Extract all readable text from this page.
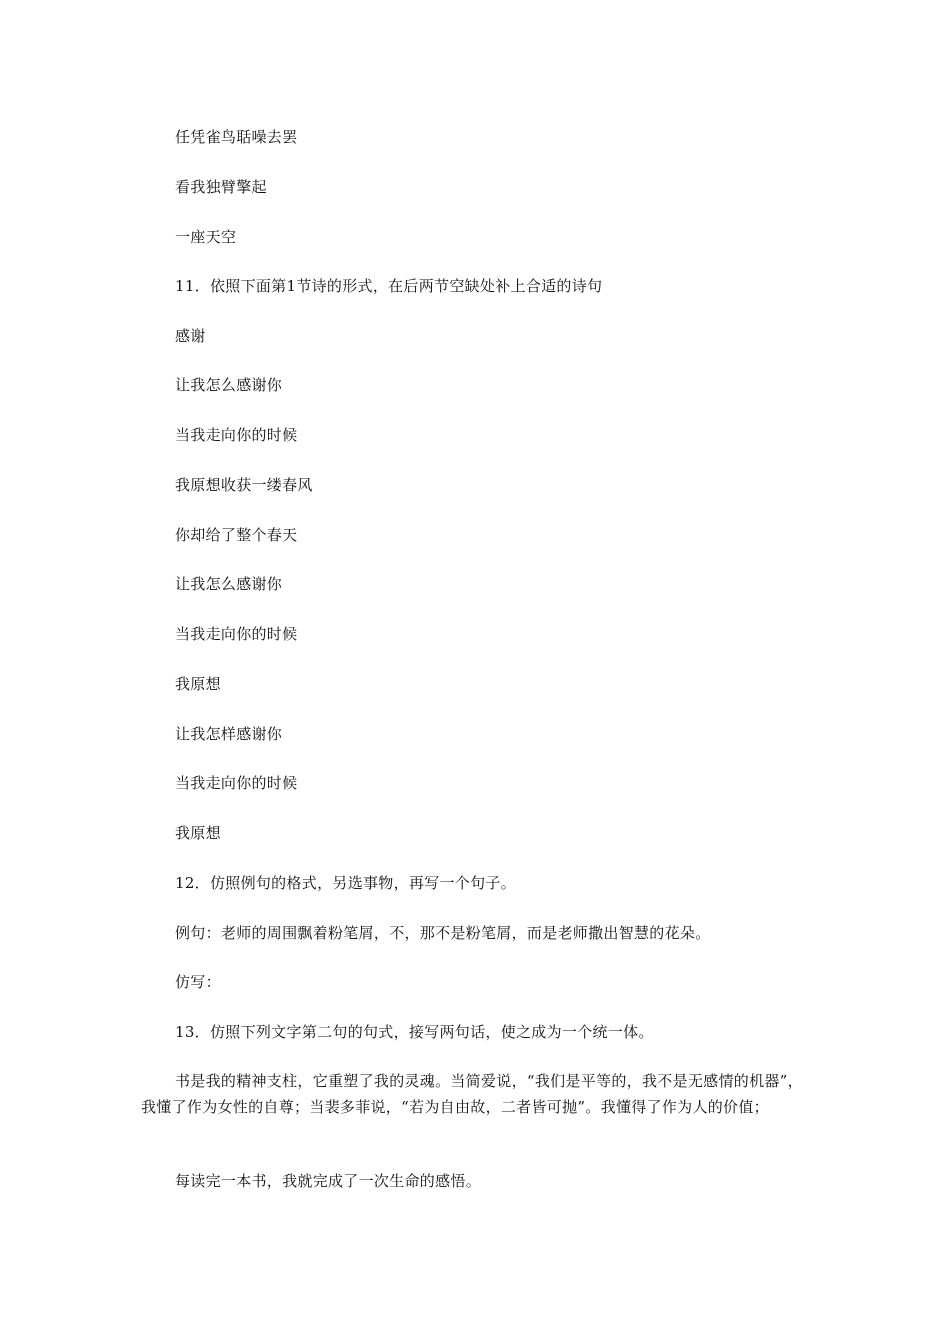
任凭雀鸟聒噪去罢
看我独臂擎起
一座天空
11．依照下面第1节诗的形式，在后两节空缺处补上合适的诗句
感谢
让我怎么感谢你
当我走向你的时候
我原想收获一缕春风
你却给了整个春天
让我怎么感谢你
当我走向你的时候
我原想
让我怎样感谢你
当我走向你的时候
我原想
12．仿照例句的格式，另选事物，再写一个句子。
例句：老师的周围飘着粉笔屑，不，那不是粉笔屑，而是老师撒出智慧的花朵。
仿写：
13．仿照下列文字第二句的句式，接写两句话，使之成为一个统一体。
书是我的精神支柱，它重塑了我的灵魂。当简爱说，“我们是平等的，我不是无感情的机器”，我懂了作为女性的自尊；当裴多菲说，“若为自由故，二者皆可抛”。我懂得了作为人的价值；
每读完一本书，我就完成了一次生命的感悟。
